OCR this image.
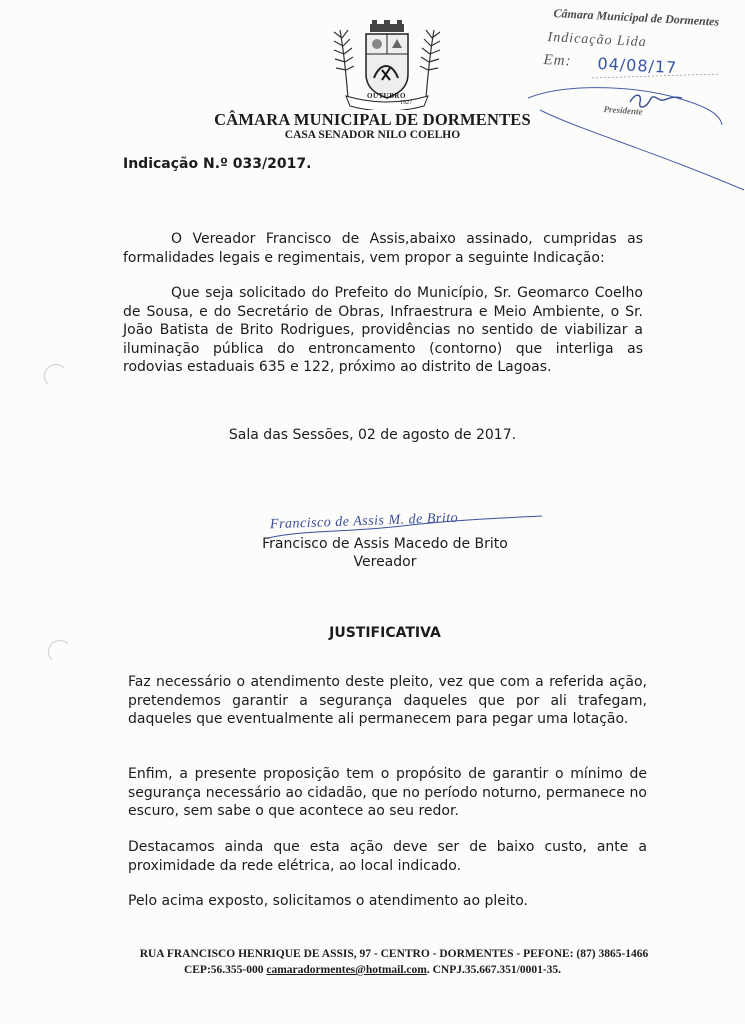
OUTUBRO
1927
CÂMARA MUNICIPAL DE DORMENTES
CASA SENADOR NILO COELHO
Câmara Municipal de Dormentes
Indicação Lida
Em: 04/08/17
Presidente
Indicação N.º 033/2017.
O Vereador Francisco de Assis,abaixo assinado, cumpridas as formalidades legais e regimentais, vem propor a seguinte Indicação:
Que seja solicitado do Prefeito do Município, Sr. Geomarco Coelho de Sousa, e do Secretário de Obras, Infraestrura e Meio Ambiente, o Sr. João Batista de Brito Rodrigues, providências no sentido de viabilizar a iluminação pública do entroncamento (contorno) que interliga as rodovias estaduais 635 e 122, próximo ao distrito de Lagoas.
Sala das Sessões, 02 de agosto de 2017.
Francisco de Assis M. de Brito
Francisco de Assis Macedo de Brito
Vereador
JUSTIFICATIVA
Faz necessário o atendimento deste pleito, vez que com a referida ação, pretendemos garantir a segurança daqueles que por ali trafegam, daqueles que eventualmente ali permanecem para pegar uma lotação.
Enfim, a presente proposição tem o propósito de garantir o mínimo de segurança necessário ao cidadão, que no período noturno, permanece no escuro, sem sabe o que acontece ao seu redor.
Destacamos ainda que esta ação deve ser de baixo custo, ante a proximidade da rede elétrica, ao local indicado.
Pelo acima exposto, solicitamos o atendimento ao pleito.
RUA FRANCISCO HENRIQUE DE ASSIS, 97 - CENTRO - DORMENTES - PEFONE: (87) 3865-1466
CEP:56.355-000 camaradormentes@hotmail.com. CNPJ.35.667.351/0001-35.
